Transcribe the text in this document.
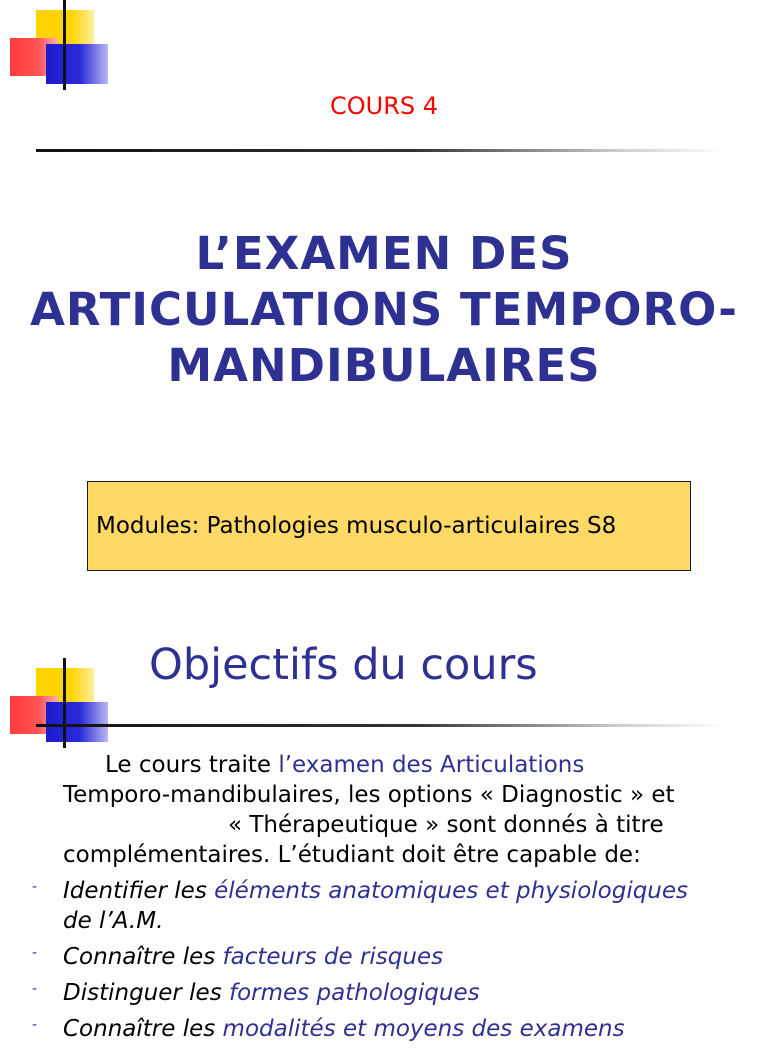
COURS 4
L’EXAMEN DES
ARTICULATIONS TEMPORO-
MANDIBULAIRES
Modules: Pathologies musculo-articulaires S8
Objectifs du cours
Le cours traite l’examen des Articulations
Temporo-mandibulaires, les options « Diagnostic » et
« Thérapeutique » sont donnés à titre
complémentaires. L’étudiant doit être capable de:
- Identifier les éléments anatomiques et physiologiques
de l’A.M.
- Connaître les facteurs de risques
- Distinguer les formes pathologiques
- Connaître les modalités et moyens des examens
